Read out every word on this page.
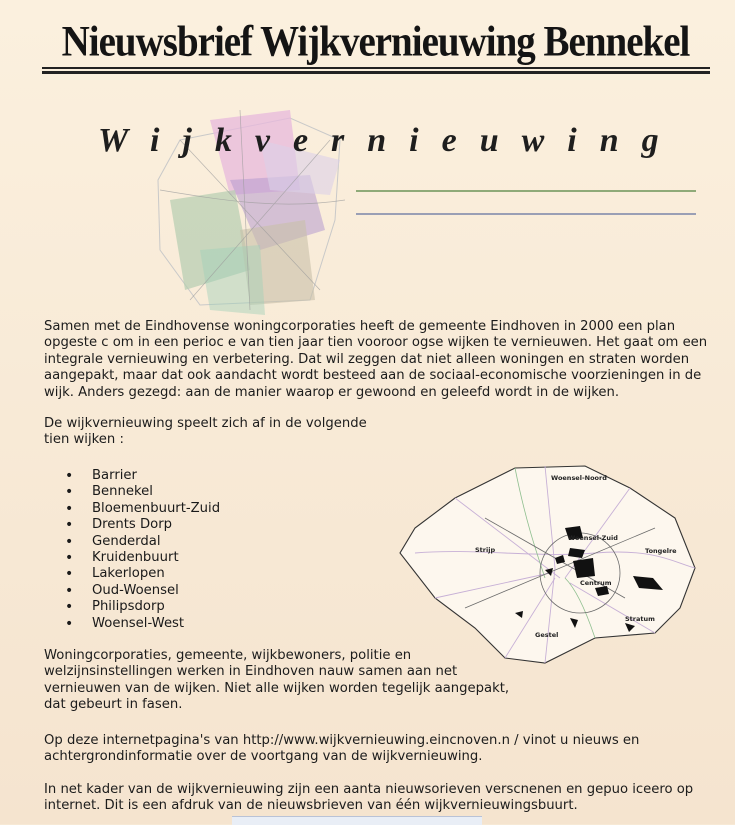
Nieuwsbrief Wijkvernieuwing Bennekel
Wijkvernieuwing
Samen met de Eindhovense woningcorporaties heeft de gemeente Eindhoven in 2000 een plan opgeste c om in een perioc e van tien jaar tien vooroor ogse wijken te vernieuwen. Het gaat om een integrale vernieuwing en verbetering. Dat wil zeggen dat niet alleen woningen en straten worden aangepakt, maar dat ook aandacht wordt besteed aan de sociaal-economische voorzieningen in de wijk. Anders gezegd: aan de manier waarop er gewoond en geleefd wordt in de wijken.
De wijkvernieuwing speelt zich af in de volgende tien wijken :
• Barrier
• Bennekel
• Bloemenbuurt-Zuid
• Drents Dorp
• Genderdal
• Kruidenbuurt
• Lakerlopen
• Oud-Woensel
• Philipsdorp
• Woensel-West
Woensel-Noord
Woensel-Zuid
Tongelre
Strijp
Centrum
Gestel
Stratum
Woningcorporaties, gemeente, wijkbewoners, politie en welzijnsinstellingen werken in Eindhoven nauw samen aan net vernieuwen van de wijken. Niet alle wijken worden tegelijk aangepakt, dat gebeurt in fasen.
Op deze internetpagina's van http://www.wijkvernieuwing.eincnoven.n / vinot u nieuws en achtergrondinformatie over de voortgang van de wijkvernieuwing.
In net kader van de wijkvernieuwing zijn een aanta nieuwsorieven verscnenen en gepuo iceero op internet. Dit is een afdruk van de nieuwsbrieven van één wijkvernieuwingsbuurt.
